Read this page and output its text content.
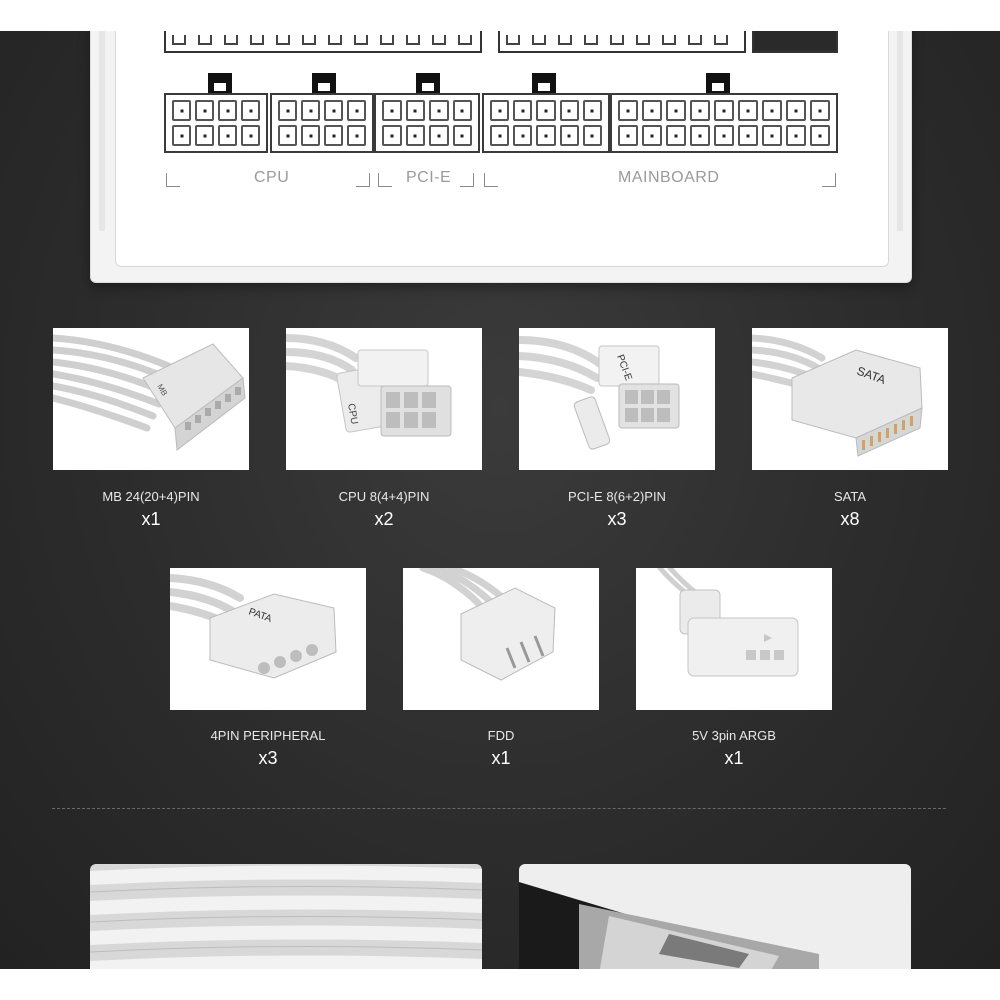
CPU	PCI-E	MAINBOARD
MB
MB 24(20+4)PIN
x1
CPU
CPU 8(4+4)PIN
x2
PCI-E
PCI-E 8(6+2)PIN
x3
SATA
SATA
x8
PATA
4PIN PERIPHERAL
x3
FDD
x1
5V 3pin ARGB
x1
